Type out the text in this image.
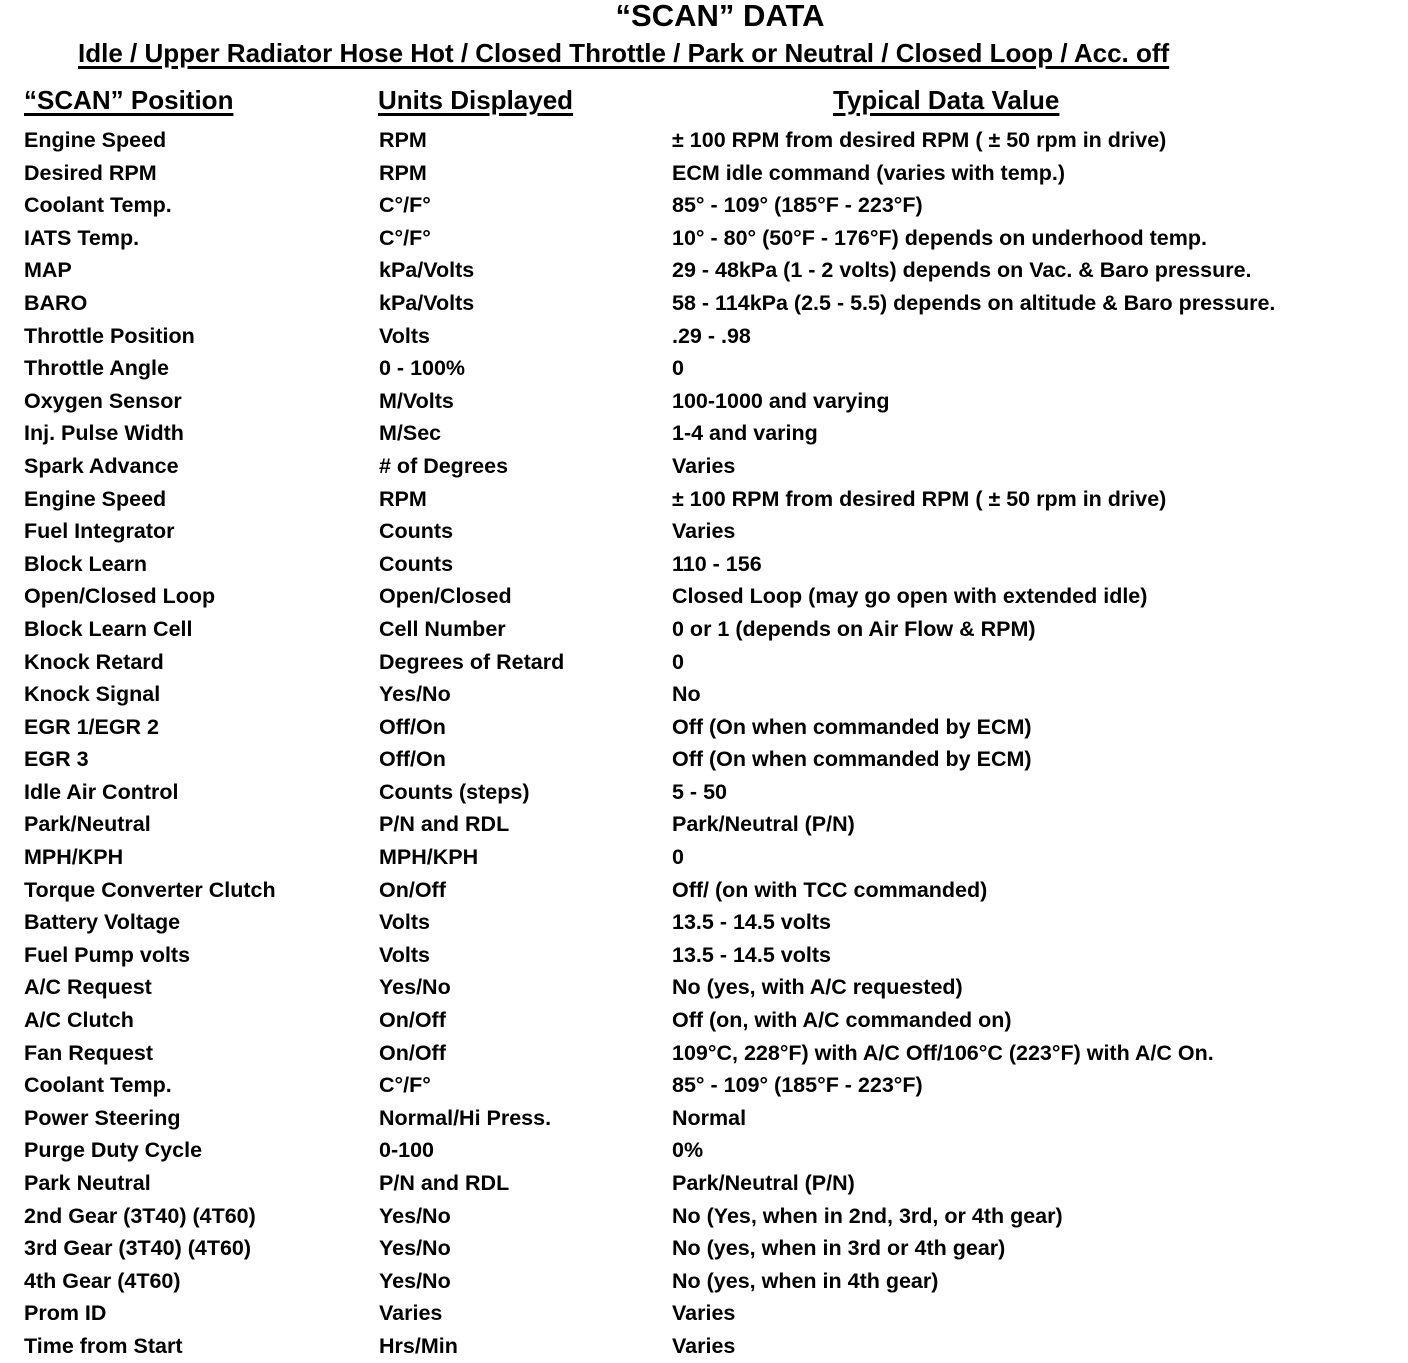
“SCAN” DATA
Idle / Upper Radiator Hose Hot / Closed Throttle / Park or Neutral / Closed Loop / Acc. off
“SCAN” Position	Units Displayed	Typical Data Value
Engine Speed	RPM	± 100 RPM from desired RPM ( ± 50 rpm in drive)
Desired RPM	RPM	ECM idle command (varies with temp.)
Coolant Temp.	C°/F°	85° - 109° (185°F - 223°F)
IATS Temp.	C°/F°	10° - 80° (50°F - 176°F) depends on underhood temp.
MAP	kPa/Volts	29 - 48kPa (1 - 2 volts) depends on Vac. & Baro pressure.
BARO	kPa/Volts	58 - 114kPa (2.5 - 5.5) depends on altitude & Baro pressure.
Throttle Position	Volts	.29 - .98
Throttle Angle	0 - 100%	0
Oxygen Sensor	M/Volts	100-1000 and varying
Inj. Pulse Width	M/Sec	1-4 and varing
Spark Advance	# of Degrees	Varies
Engine Speed	RPM	± 100 RPM from desired RPM ( ± 50 rpm in drive)
Fuel Integrator	Counts	Varies
Block Learn	Counts	110 - 156
Open/Closed Loop	Open/Closed	Closed Loop (may go open with extended idle)
Block Learn Cell	Cell Number	0 or 1 (depends on Air Flow & RPM)
Knock Retard	Degrees of Retard	0
Knock Signal	Yes/No	No
EGR 1/EGR 2	Off/On	Off (On when commanded by ECM)
EGR 3	Off/On	Off (On when commanded by ECM)
Idle Air Control	Counts (steps)	5 - 50
Park/Neutral	P/N and RDL	Park/Neutral (P/N)
MPH/KPH	MPH/KPH	0
Torque Converter Clutch	On/Off	Off/ (on with TCC commanded)
Battery Voltage	Volts	13.5 - 14.5 volts
Fuel Pump volts	Volts	13.5 - 14.5 volts
A/C Request	Yes/No	No (yes, with A/C requested)
A/C Clutch	On/Off	Off (on, with A/C commanded on)
Fan Request	On/Off	109°C, 228°F) with A/C Off/106°C (223°F) with A/C On.
Coolant Temp.	C°/F°	85° - 109° (185°F - 223°F)
Power Steering	Normal/Hi Press.	Normal
Purge Duty Cycle	0-100	0%
Park Neutral	P/N and RDL	Park/Neutral (P/N)
2nd Gear (3T40) (4T60)	Yes/No	No (Yes, when in 2nd, 3rd, or 4th gear)
3rd Gear (3T40) (4T60)	Yes/No	No (yes, when in 3rd or 4th gear)
4th Gear (4T60)	Yes/No	No (yes, when in 4th gear)
Prom ID	Varies	Varies
Time from Start	Hrs/Min	Varies
